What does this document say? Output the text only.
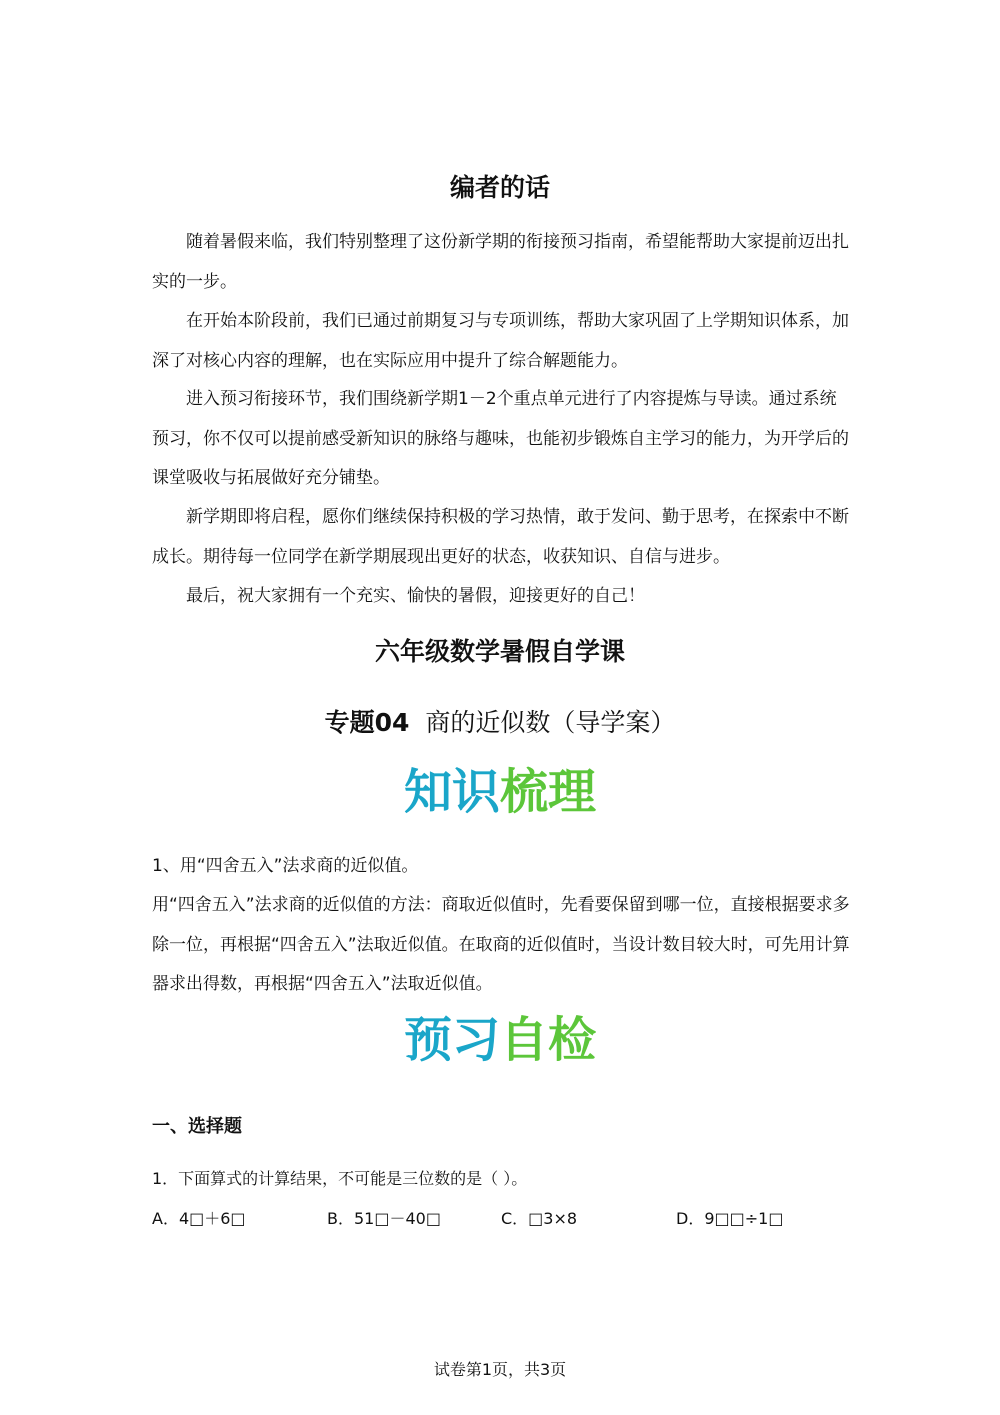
编者的话

随着暑假来临，我们特别整理了这份新学期的衔接预习指南，希望能帮助大家提前迈出扎实的一步。

在开始本阶段前，我们已通过前期复习与专项训练，帮助大家巩固了上学期知识体系，加深了对核心内容的理解，也在实际应用中提升了综合解题能力。

进入预习衔接环节，我们围绕新学期1－2个重点单元进行了内容提炼与导读。通过系统预习，你不仅可以提前感受新知识的脉络与趣味，也能初步锻炼自主学习的能力，为开学后的课堂吸收与拓展做好充分铺垫。

新学期即将启程，愿你们继续保持积极的学习热情，敢于发问、勤于思考，在探索中不断成长。期待每一位同学在新学期展现出更好的状态，收获知识、自信与进步。

最后，祝大家拥有一个充实、愉快的暑假，迎接更好的自己！

六年级数学暑假自学课
专题04 商的近似数（导学案）
知识 梳理

1、用“四舍五入”法求商的近似值。

用“四舍五入”法求商的近似值的方法：商取近似值时，先看要保留到哪一位，直接根据要求多除一位，再根据“四舍五入”法取近似值。在取商的近似值时，当设计数目较大时，可先用计算器求出得数，再根据“四舍五入”法取近似值。

预习 自检
一、选择题
1．下面算式的计算结果，不可能是三位数的是（ ）。
A．4□＋6□	B．51□－40□	C．□3×8	D．9□□÷1□
试卷第1页，共3页
